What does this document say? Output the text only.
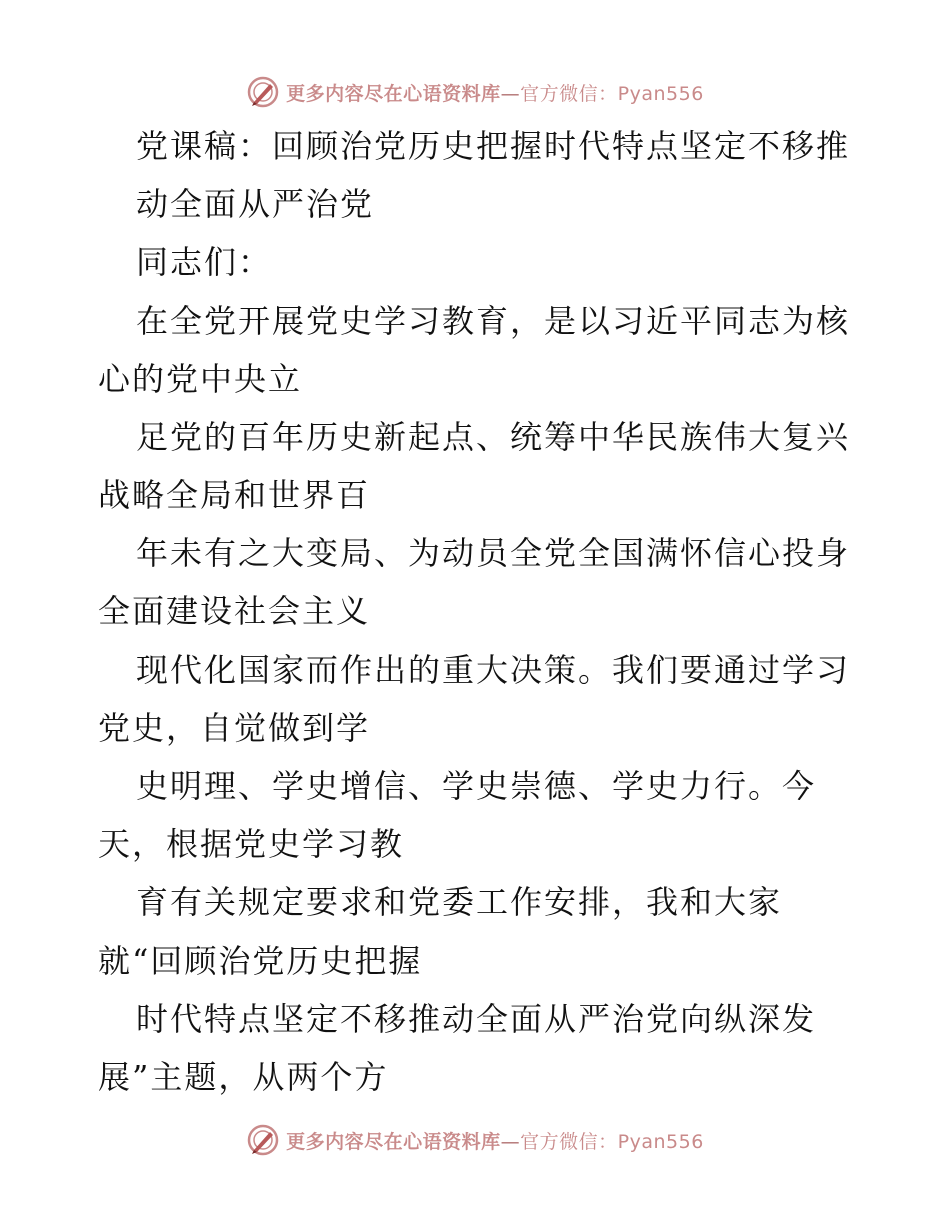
更多内容尽在心语资料库—官方微信：Pyan556
党课稿：回顾治党历史把握时代特点坚定不移推
动全面从严治党
同志们：
在全党开展党史学习教育，是以习近平同志为核
心的党中央立
足党的百年历史新起点、统筹中华民族伟大复兴
战略全局和世界百
年未有之大变局、为动员全党全国满怀信心投身
全面建设社会主义
现代化国家而作出的重大决策。我们要通过学习
党史，自觉做到学
史明理、学史增信、学史崇德、学史力行。今
天，根据党史学习教
育有关规定要求和党委工作安排，我和大家
就“回顾治党历史把握
时代特点坚定不移推动全面从严治党向纵深发
展”主题，从两个方
更多内容尽在心语资料库—官方微信：Pyan556
